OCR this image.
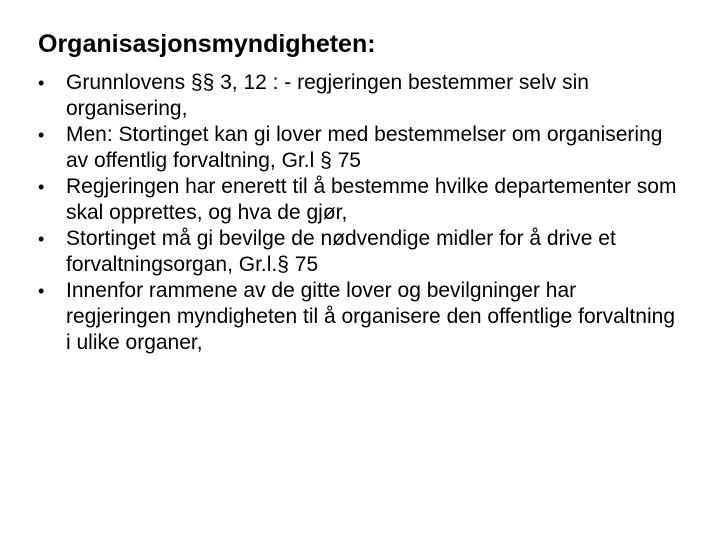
Organisasjonsmyndigheten:
•	Grunnlovens §§ 3, 12 : - regjeringen bestemmer selv sin organisering,
•	Men: Stortinget kan gi lover med bestemmelser om organisering av offentlig forvaltning, Gr.l § 75
•	Regjeringen har enerett til å bestemme hvilke departementer som skal opprettes, og hva de gjør,
•	Stortinget må gi bevilge de nødvendige midler for å drive et forvaltningsorgan, Gr.l.§ 75
•	Innenfor rammene av de gitte lover og bevilgninger har regjeringen myndigheten til å organisere den offentlige forvaltning i ulike organer,
